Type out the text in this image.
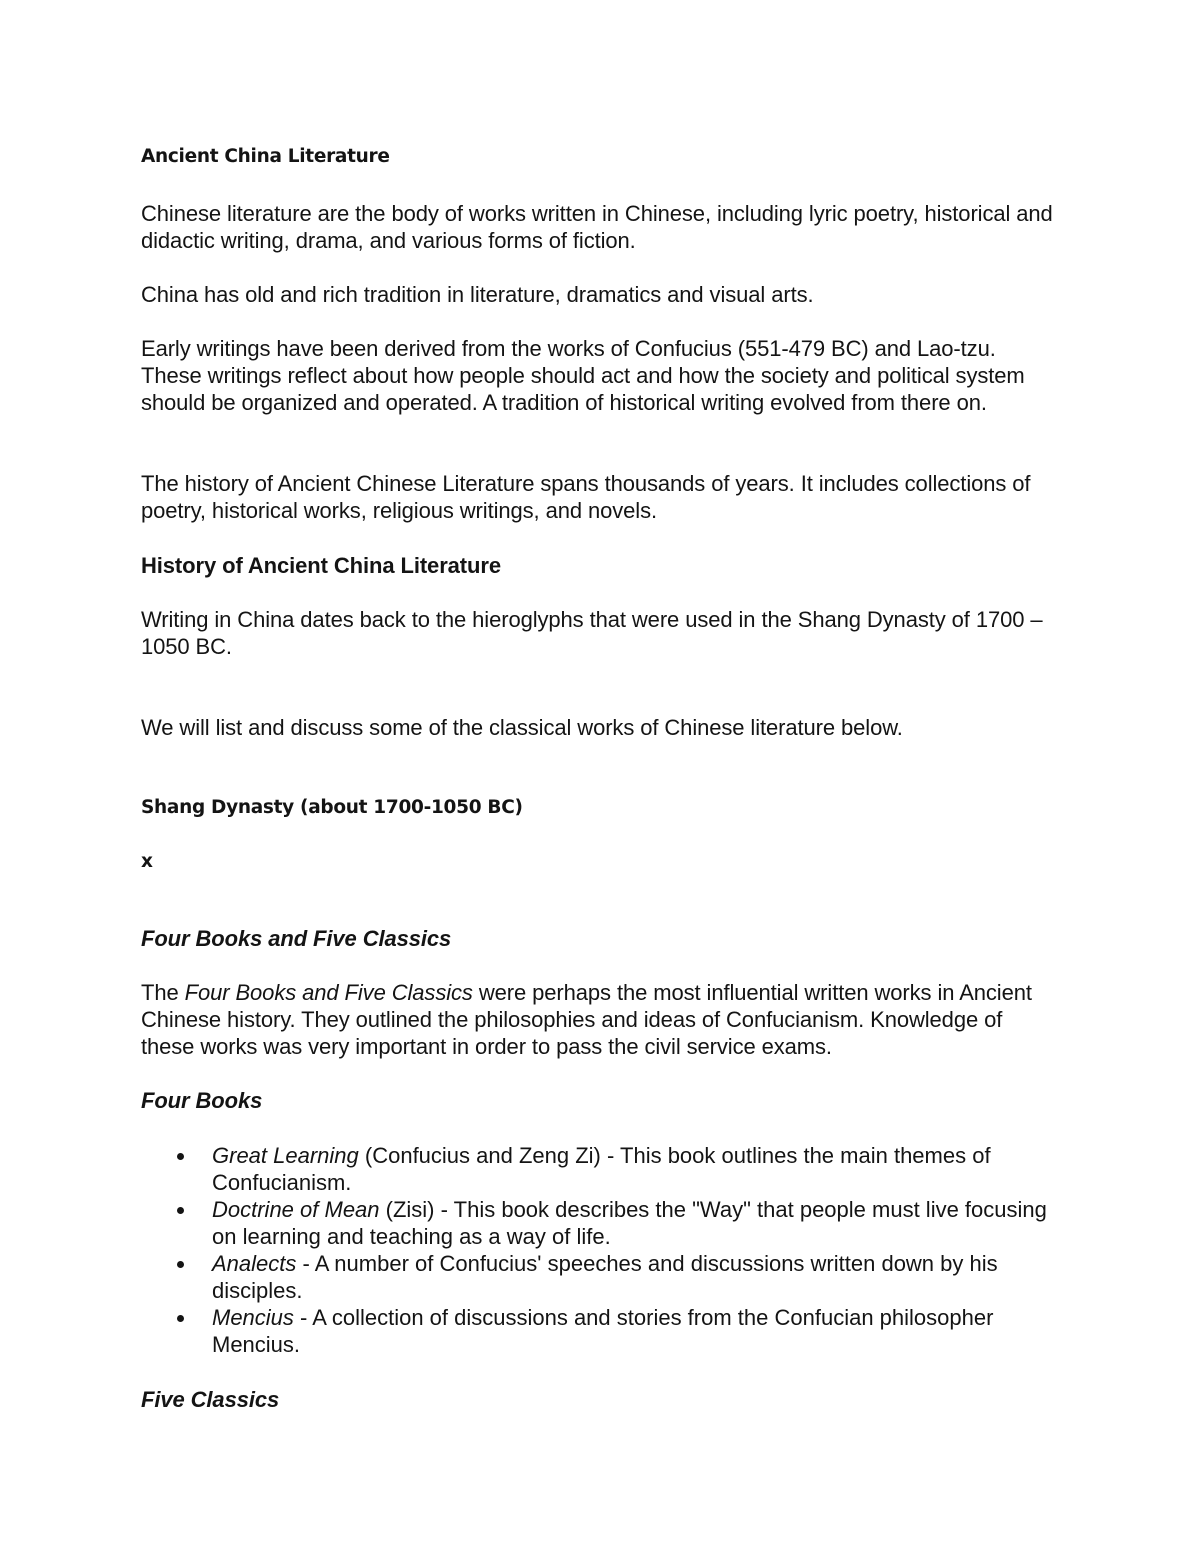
Ancient China Literature

Chinese literature are the body of works written in Chinese, including lyric poetry, historical and didactic writing, drama, and various forms of fiction.

China has old and rich tradition in literature, dramatics and visual arts.

Early writings have been derived from the works of Confucius (551-479 BC) and Lao-tzu. These writings reflect about how people should act and how the society and political system should be organized and operated. A tradition of historical writing evolved from there on.

The history of Ancient Chinese Literature spans thousands of years. It includes collections of poetry, historical works, religious writings, and novels.

History of Ancient China Literature

Writing in China dates back to the hieroglyphs that were used in the Shang Dynasty of 1700 – 1050 BC.

We will list and discuss some of the classical works of Chinese literature below.

Shang Dynasty (about 1700-1050 BC)

x

Four Books and Five Classics

The Four Books and Five Classics were perhaps the most influential written works in Ancient Chinese history. They outlined the philosophies and ideas of Confucianism. Knowledge of these works was very important in order to pass the civil service exams.

Four Books

Great Learning (Confucius and Zeng Zi) - This book outlines the main themes of Confucianism.
Doctrine of Mean (Zisi) - This book describes the "Way" that people must live focusing on learning and teaching as a way of life.
Analects - A number of Confucius' speeches and discussions written down by his disciples.
Mencius - A collection of discussions and stories from the Confucian philosopher Mencius.

Five Classics
